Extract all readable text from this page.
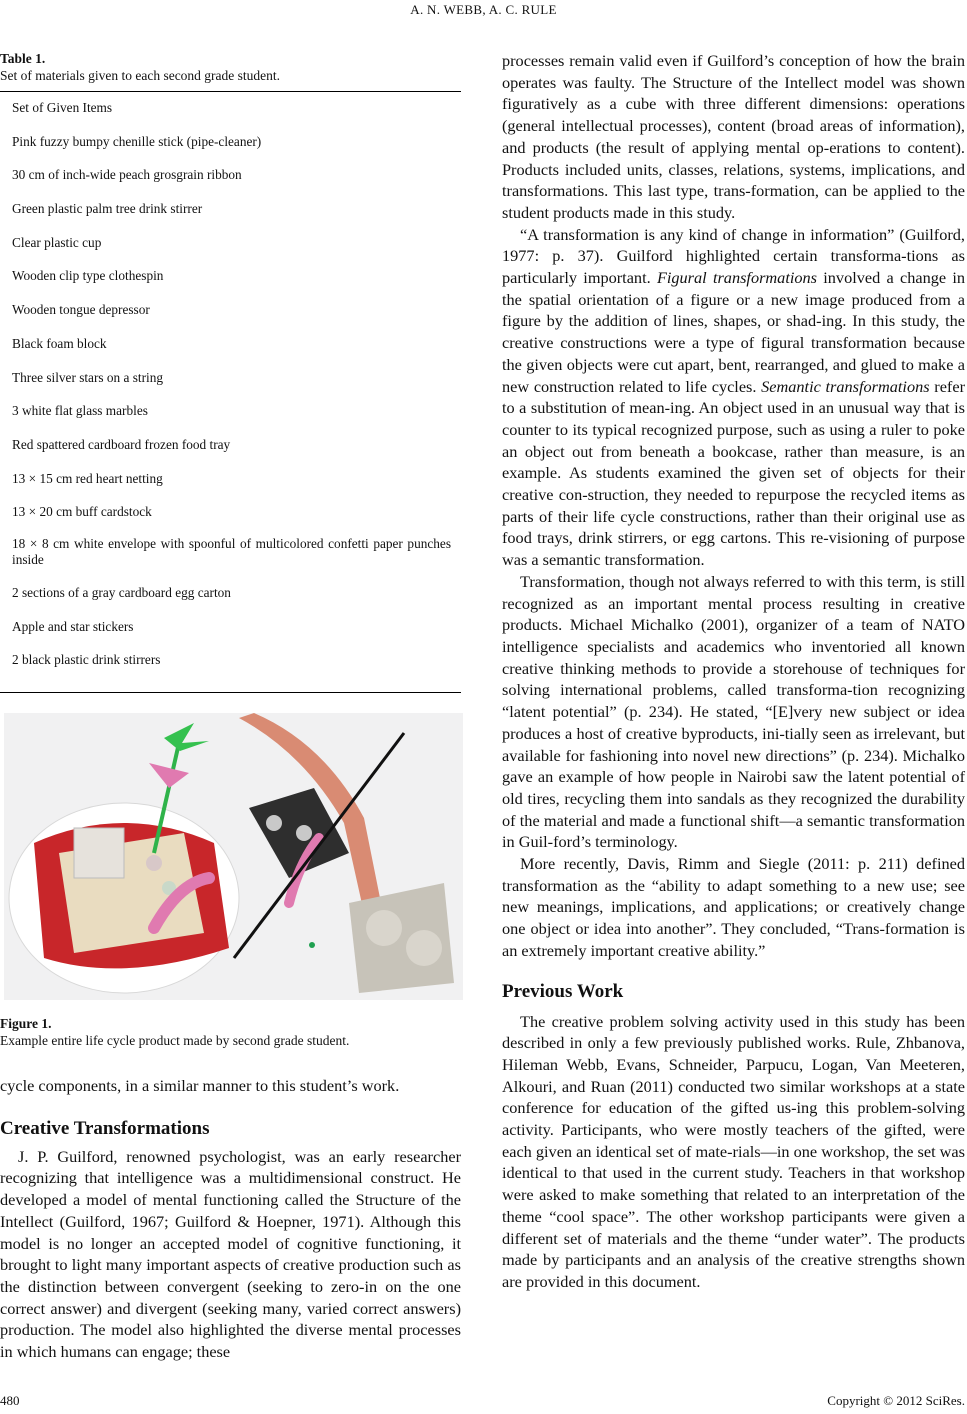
A. N. WEBB, A. C. RULE
Table 1.
Set of materials given to each second grade student.
Set of Given Items
Pink fuzzy bumpy chenille stick (pipe-cleaner)
30 cm of inch-wide peach grosgrain ribbon
Green plastic palm tree drink stirrer
Clear plastic cup
Wooden clip type clothespin
Wooden tongue depressor
Black foam block
Three silver stars on a string
3 white flat glass marbles
Red spattered cardboard frozen food tray
13 × 15 cm red heart netting
13 × 20 cm buff cardstock
18 × 8 cm white envelope with spoonful of multicolored confetti paper punches inside
2 sections of a gray cardboard egg carton
Apple and star stickers
2 black plastic drink stirrers
Figure 1.
Example entire life cycle product made by second grade student.

cycle components, in a similar manner to this student’s work.

Creative Transformations

J. P. Guilford, renowned psychologist, was an early researcher recognizing that intelligence was a multidimensional construct. He developed a model of mental functioning called the Structure of the Intellect (Guilford, 1967; Guilford & Hoepner, 1971). Although this model is no longer an accepted model of cognitive functioning, it brought to light many important aspects of creative production such as the distinction between convergent (seeking to zero-in on the one correct answer) and divergent (seeking many, varied correct answers) production. The model also highlighted the diverse mental processes in which humans can engage; these

processes remain valid even if Guilford’s conception of how the brain operates was faulty. The Structure of the Intellect model was shown figuratively as a cube with three different dimensions: operations (general intellectual processes), content (broad areas of information), and products (the result of applying mental op-erations to content). Products included units, classes, relations, systems, implications, and transformations. This last type, trans-formation, can be applied to the student products made in this study.

“A transformation is any kind of change in information” (Guilford, 1977: p. 37). Guilford highlighted certain transforma-tions as particularly important. Figural transformations involved a change in the spatial orientation of a figure or a new image produced from a figure by the addition of lines, shapes, or shad-ing. In this study, the creative constructions were a type of figural transformation because the given objects were cut apart, bent, rearranged, and glued to make a new construction related to life cycles. Semantic transformations refer to a substitution of mean-ing. An object used in an unusual way that is counter to its typical recognized purpose, such as using a ruler to poke an object out from beneath a bookcase, rather than measure, is an example. As students examined the given set of objects for their creative con-struction, they needed to repurpose the recycled items as parts of their life cycle constructions, rather than their original use as food trays, drink stirrers, or egg cartons. This re-visioning of purpose was a semantic transformation.

Transformation, though not always referred to with this term, is still recognized as an important mental process resulting in creative products. Michael Michalko (2001), organizer of a team of NATO intelligence specialists and academics who inventoried all known creative thinking methods to provide a storehouse of techniques for solving international problems, called transforma-tion recognizing “latent potential” (p. 234). He stated, “[E]very new subject or idea produces a host of creative byproducts, ini-tially seen as irrelevant, but available for fashioning into novel new directions” (p. 234). Michalko gave an example of how people in Nairobi saw the latent potential of old tires, recycling them into sandals as they recognized the durability of the material and made a functional shift—a semantic transformation in Guil-ford’s terminology.

More recently, Davis, Rimm and Siegle (2011: p. 211) defined transformation as the “ability to adapt something to a new use; see new meanings, implications, and applications; or creatively change one object or idea into another”. They concluded, “Trans-formation is an extremely important creative ability.”

Previous Work

The creative problem solving activity used in this study has been described in only a few previously published works. Rule, Zhbanova, Hileman Webb, Evans, Schneider, Parpucu, Logan, Van Meeteren, Alkouri, and Ruan (2011) conducted two similar workshops at a state conference for education of the gifted us-ing this problem-solving activity. Participants, who were mostly teachers of the gifted, were each given an identical set of mate-rials—in one workshop, the set was identical to that used in the current study. Teachers in that workshop were asked to make something that related to an interpretation of the theme “cool space”. The other workshop participants were given a different set of materials and the theme “under water”. The products made by participants and an analysis of the creative strengths shown are provided in this document.

480	Copyright © 2012 SciRes.
